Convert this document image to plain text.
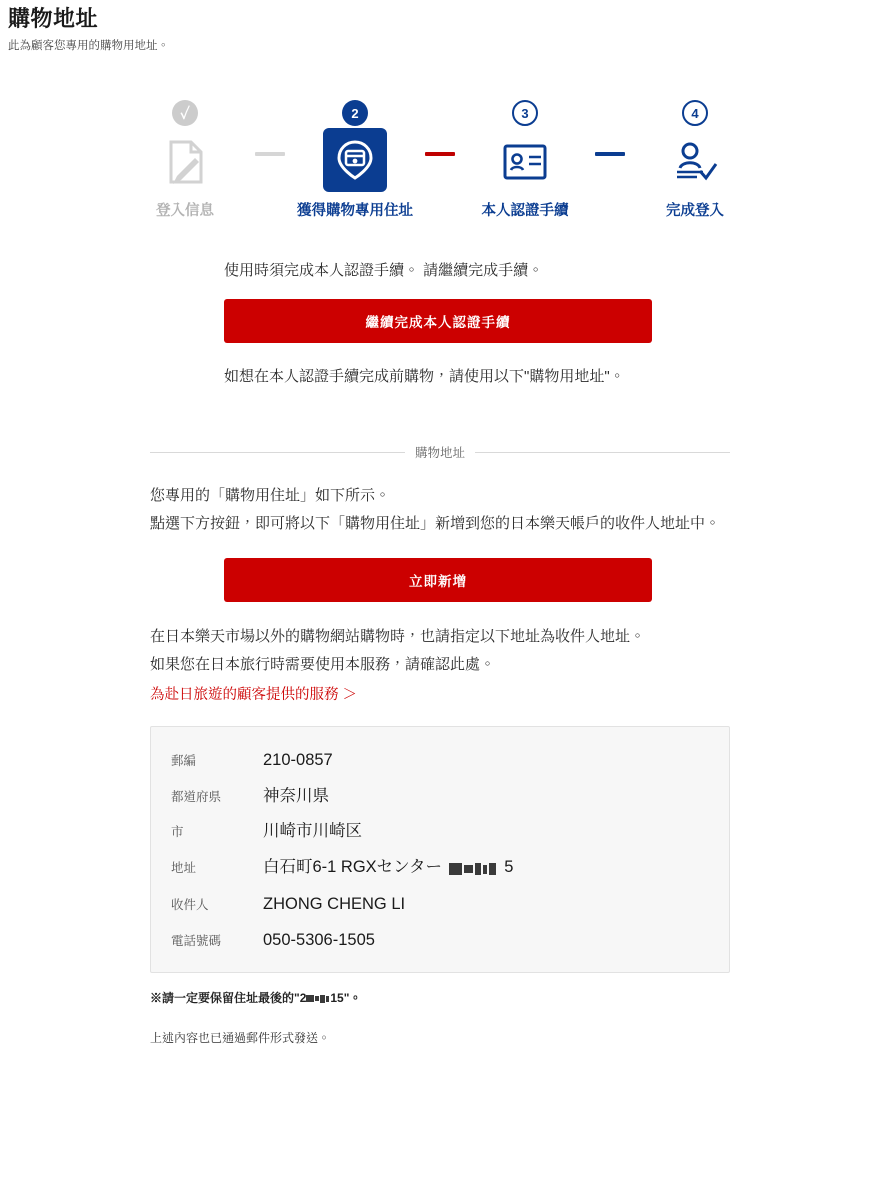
購物地址

此為顧客您專用的購物用地址。

✓
登入信息
2
獲得購物專用住址
3
本人認證手續
4
完成登入
使用時須完成本人認證手續。 請繼續完成手續。
繼續完成本人認證手續
如想在本人認證手續完成前購物，請使用以下"購物用地址"。
購物地址
您專用的「購物用住址」如下所示。
點選下方按鈕，即可將以下「購物用住址」新增到您的日本樂天帳戶的收件人地址中。
立即新增
在日本樂天市場以外的購物網站購物時，也請指定以下地址為收件人地址。
如果您在日本旅行時需要使用本服務，請確認此處。
為赴日旅遊的顧客提供的服務 ＞
郵編	210-0857
都道府県	神奈川県
市	川崎市川崎区
地址	白石町6-1 RGXセンター	5
收件人	ZHONG CHENG LI
電話號碼	050-5306-1505
※請一定要保留住址最後的"2 15"。
上述內容也已通過郵件形式發送。
